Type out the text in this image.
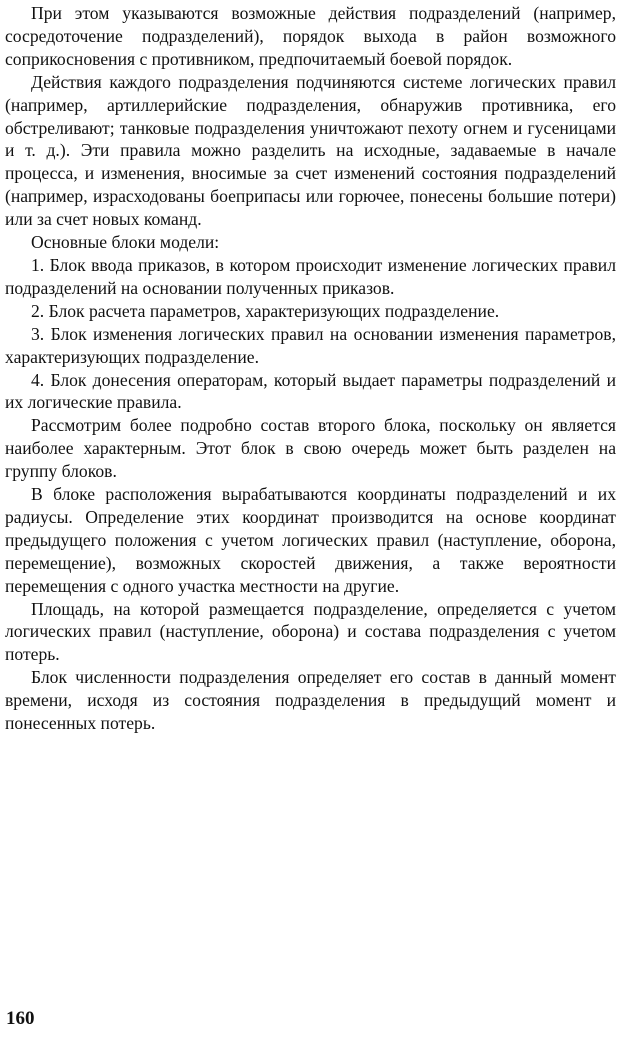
При этом указываются возможные действия подразделений (например, сосредоточение подразделений), порядок выхода в район возможного соприкосновения с противником, предпочитаемый боевой порядок.

Действия каждого подразделения подчиняются системе логических правил (например, артиллерийские подразделения, обнаружив противника, его обстреливают; танковые подразделения уничтожают пехоту огнем и гусеницами и т. д.). Эти правила можно разделить на исходные, задаваемые в начале процесса, и изменения, вносимые за счет изменений состояния подразделений (например, израсходованы боеприпасы или горючее, понесены большие потери) или за счет новых команд.

Основные блоки модели:

1. Блок ввода приказов, в котором происходит изменение логических правил подразделений на основании полученных приказов.

2. Блок расчета параметров, характеризующих подразделение.

3. Блок изменения логических правил на основании изменения параметров, характеризующих подразделение.

4. Блок донесения операторам, который выдает параметры подразделений и их логические правила.

Рассмотрим более подробно состав второго блока, поскольку он является наиболее характерным. Этот блок в свою очередь может быть разделен на группу блоков.

В блоке расположения вырабатываются координаты подразделений и их радиусы. Определение этих координат производится на основе координат предыдущего положения с учетом логических правил (наступление, оборона, перемещение), возможных скоростей движения, а также вероятности перемещения с одного участка местности на другие.

Площадь, на которой размещается подразделение, определяется с учетом логических правил (наступление, оборона) и состава подразделения с учетом потерь.

Блок численности подразделения определяет его состав в данный момент времени, исходя из состояния подразделения в предыдущий момент и понесенных потерь.

160
